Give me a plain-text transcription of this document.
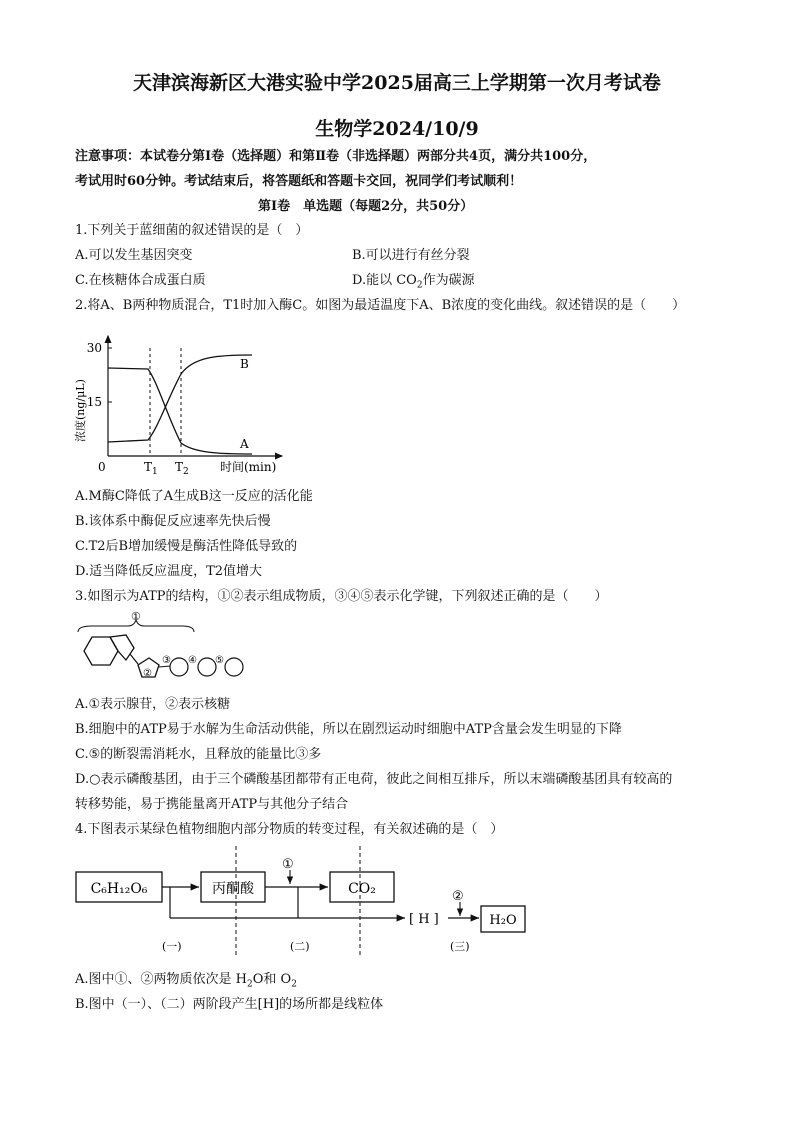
天津滨海新区大港实验中学2025届高三上学期第一次月考试卷
生物学2024/10/9
注意事项：本试卷分第Ⅰ卷（选择题）和第Ⅱ卷（非选择题）两部分共4页，满分共100分，
考试用时60分钟。考试结束后，将答题纸和答题卡交回，祝同学们考试顺利！
第Ⅰ卷　单选题（每题2分，共50分）
1.下列关于蓝细菌的叙述错误的是（　）
A.可以发生基因突变	B.可以进行有丝分裂
C.在核糖体合成蛋白质	D.能以 $CO_2$作为碳源
2.将A、B两种物质混合，T1时加入酶C。如图为最适温度下A、B浓度的变化曲线。叙述错误的是（　　）
30
15
浓度(ng/μL)
0	$T_1$ $T_2$	时间(min)
B
A
A.M酶C降低了A生成B这一反应的活化能
B.该体系中酶促反应速率先快后慢
C.T2后B增加缓慢是酶活性降低导致的
D.适当降低反应温度，T2值增大
3.如图示为ATP的结构，①②表示组成物质，③④⑤表示化学键，下列叙述正确的是（　　）
①
②
③ ④ ⑤
A.①表示腺苷，②表示核糖
B.细胞中的ATP易于水解为生命活动供能，所以在剧烈运动时细胞中ATP含量会发生明显的下降
C.⑤的断裂需消耗水，且释放的能量比③多
D.○表示磷酸基团，由于三个磷酸基团都带有正电荷，彼此之间相互排斥，所以末端磷酸基团具有较高的
转移势能，易于携能量离开ATP与其他分子结合
4.下图表示某绿色植物细胞内部分物质的转变过程，有关叙述确的是（　）
C₆H₁₂O₆	丙酮酸	CO₂
H₂O
[ H ]
①
②
(一)	(二)	(三)
A.图中①、②两物质依次是 $H_2O$和 $O_2$
B.图中（一）、（二）两阶段产生[H]的场所都是线粒体
